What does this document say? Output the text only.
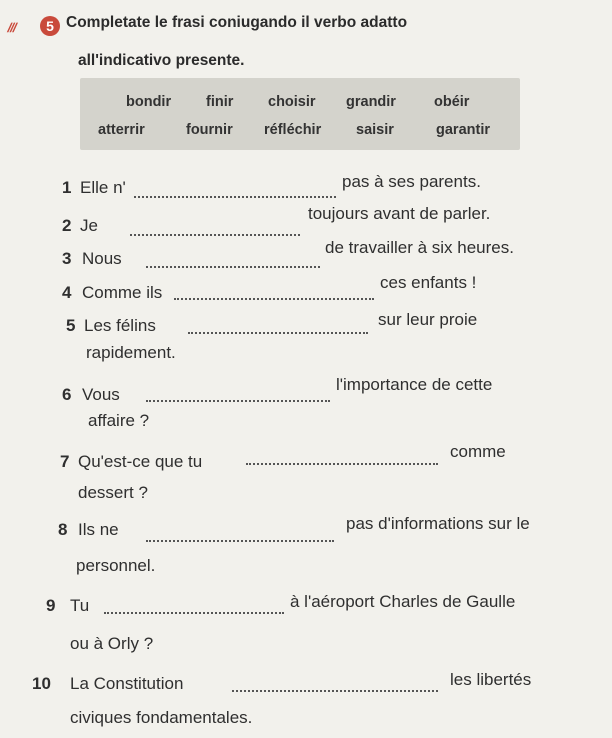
///	5 Completate le frasi coniugando il verbo adatto
all'indicativo presente.
bondir finir choisir grandir	obéir
atterrir	fournir réfléchir saisir	garantir
1 Elle n'	pas à ses parents.
2 Je
toujours avant de parler.
3 Nous
de travailler à six heures.
4 Comme ils
ces enfants !
5 Les félins	sur leur proie
rapidement.
6 Vous
l'importance de cette
affaire ?
7 Qu'est-ce que tu
comme
dessert ?
8 Ils ne	pas d'informations sur le
personnel.
9 Tu	à l'aéroport Charles de Gaulle
ou à Orly ?
10 La Constitution	les libertés
civiques fondamentales.
